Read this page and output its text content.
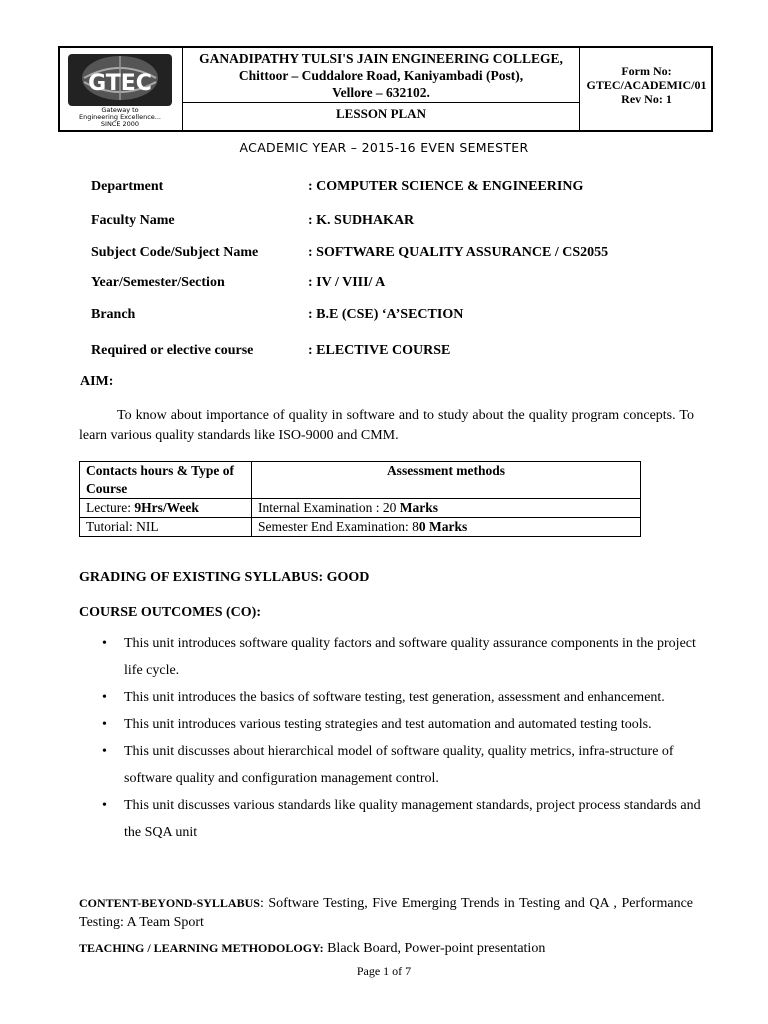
GTEC
Gateway to
Engineering Excellence...
SINCE 2000
GANADIPATHY TULSI'S JAIN ENGINEERING COLLEGE,
Chittoor – Cuddalore Road, Kaniyambadi (Post),
Vellore – 632102.
LESSON PLAN
Form No:
GTEC/ACADEMIC/01
Rev No: 1
ACADEMIC YEAR – 2015-16 EVEN SEMESTER
Department	: COMPUTER SCIENCE & ENGINEERING
Faculty Name	: K. SUDHAKAR
Subject Code/Subject Name	: SOFTWARE QUALITY ASSURANCE / CS2055
Year/Semester/Section	: IV / VIII/ A
Branch	: B.E (CSE) ‘A’SECTION
Required or elective course	: ELECTIVE COURSE
AIM:
To know about importance of quality in software and to study about the quality program concepts. To learn various quality standards like ISO-9000 and CMM.
Contacts hours & Type of Course	Assessment methods
Lecture: 9Hrs/Week	Internal Examination : 20 Marks
Tutorial: NIL	Semester End Examination: 80 Marks
GRADING OF EXISTING SYLLABUS: GOOD
COURSE OUTCOMES (CO):
• This unit introduces software quality factors and software quality assurance components in the project life cycle.
• This unit introduces the basics of software testing, test generation, assessment and enhancement.
• This unit introduces various testing strategies and test automation and automated testing tools.
• This unit discusses about hierarchical model of software quality, quality metrics, infra-structure of software quality and configuration management control.
• This unit discusses various standards like quality management standards, project process standards and the SQA unit
CONTENT-BEYOND-SYLLABUS: Software Testing, Five Emerging Trends in Testing and QA , Performance Testing: A Team Sport
TEACHING / LEARNING METHODOLOGY: Black Board, Power-point presentation
Page 1 of 7
